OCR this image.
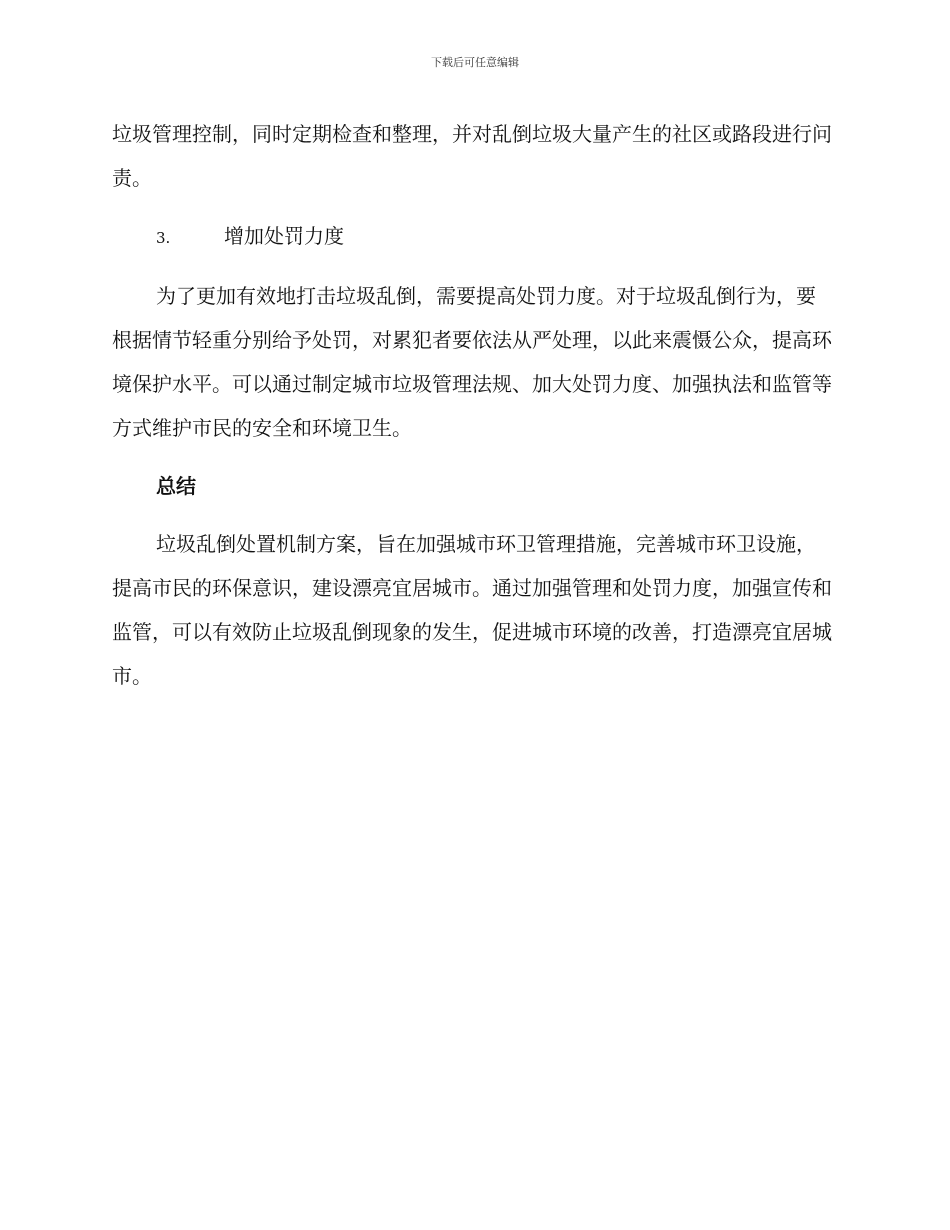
下载后可任意编辑

垃圾管理控制，同时定期检查和整理，并对乱倒垃圾大量产生的社区或路段进行问责。

3.	增加处罚力度

为了更加有效地打击垃圾乱倒，需要提高处罚力度。对于垃圾乱倒行为，要根据情节轻重分别给予处罚，对累犯者要依法从严处理，以此来震慑公众，提高环境保护水平。可以通过制定城市垃圾管理法规、加大处罚力度、加强执法和监管等方式维护市民的安全和环境卫生。

总结

垃圾乱倒处置机制方案，旨在加强城市环卫管理措施，完善城市环卫设施，提高市民的环保意识，建设漂亮宜居城市。通过加强管理和处罚力度，加强宣传和监管，可以有效防止垃圾乱倒现象的发生，促进城市环境的改善，打造漂亮宜居城市。
